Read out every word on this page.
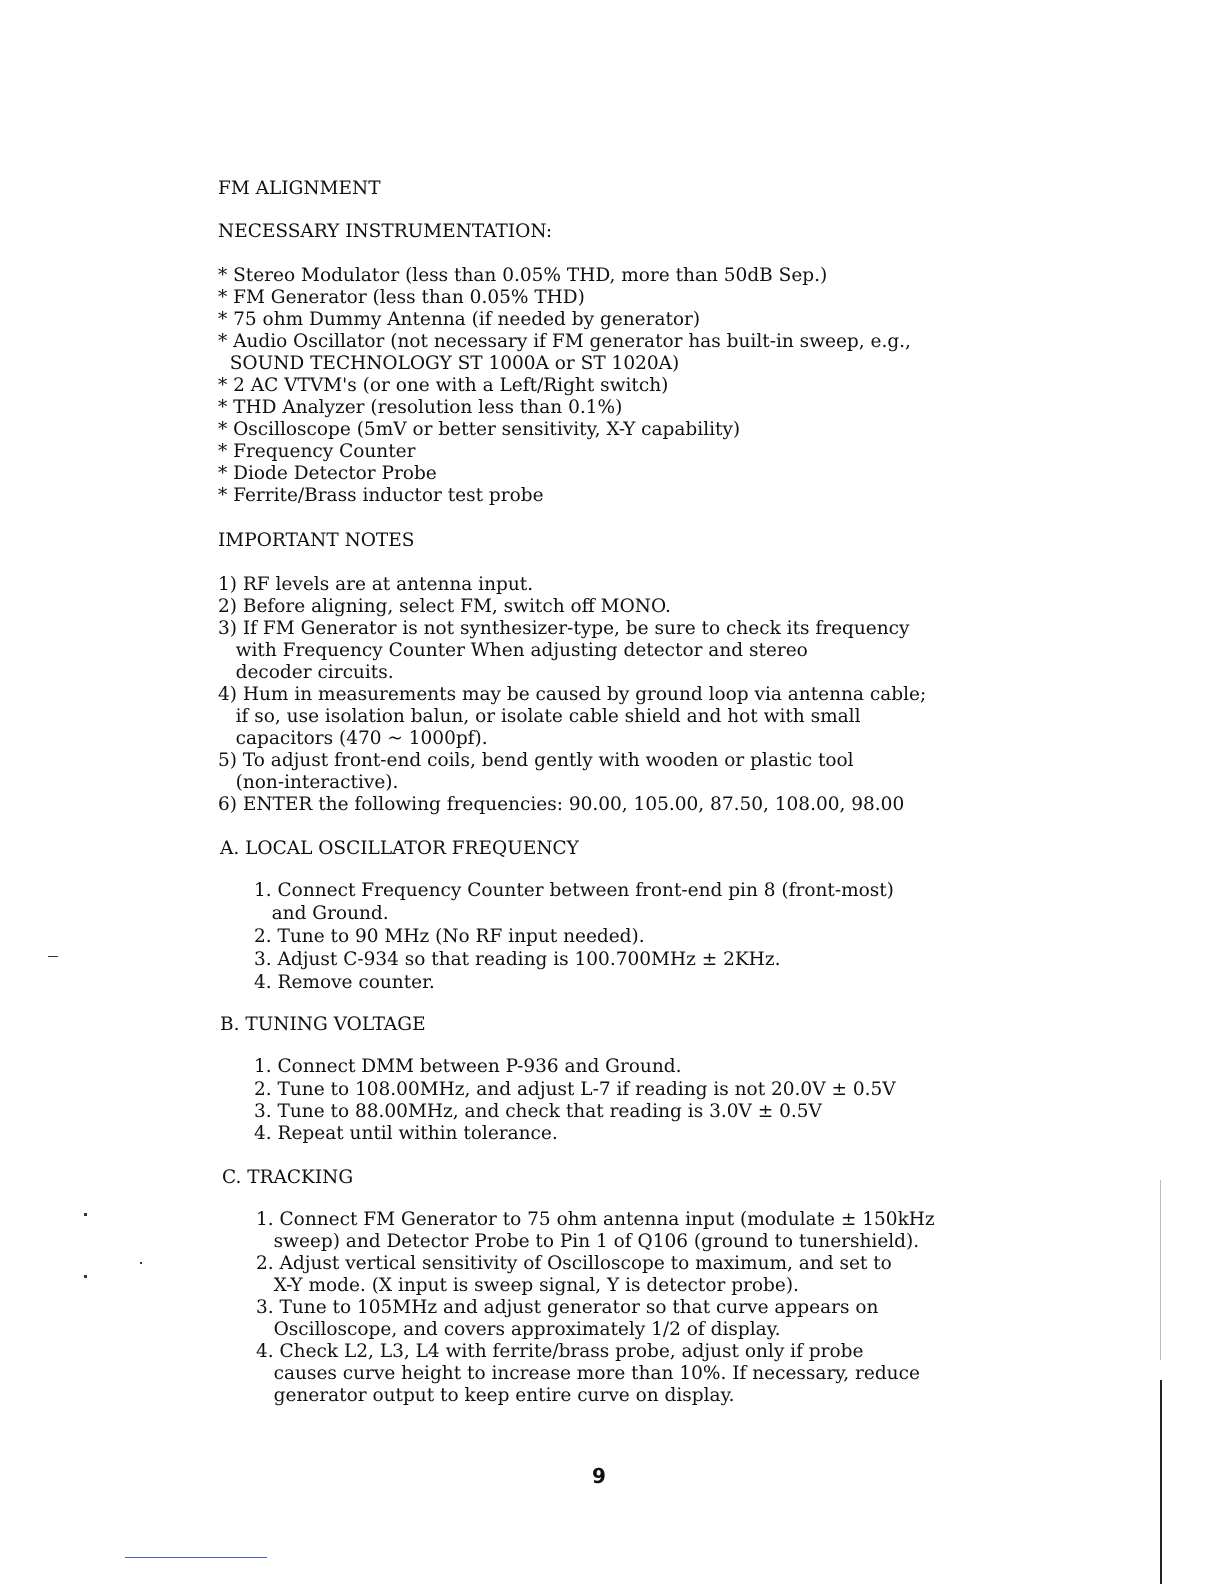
FM ALIGNMENT
NECESSARY INSTRUMENTATION:
* Stereo Modulator (less than 0.05% THD, more than 50dB Sep.)
* FM Generator (less than 0.05% THD)
* 75 ohm Dummy Antenna (if needed by generator)
* Audio Oscillator (not necessary if FM generator has built-in sweep, e.g.,
SOUND TECHNOLOGY ST 1000A or ST 1020A)
* 2 AC VTVM's (or one with a Left/Right switch)
* THD Analyzer (resolution less than 0.1%)
* Oscilloscope (5mV or better sensitivity, X-Y capability)
* Frequency Counter
* Diode Detector Probe
* Ferrite/Brass inductor test probe
IMPORTANT NOTES
1) RF levels are at antenna input.
2) Before aligning, select FM, switch off MONO.
3) If FM Generator is not synthesizer-type, be sure to check its frequency
with Frequency Counter When adjusting detector and stereo
decoder circuits.
4) Hum in measurements may be caused by ground loop via antenna cable;
if so, use isolation balun, or isolate cable shield and hot with small
capacitors (470 ~ 1000pf).
5) To adjust front-end coils, bend gently with wooden or plastic tool
(non-interactive).
6) ENTER the following frequencies: 90.00, 105.00, 87.50, 108.00, 98.00
A. LOCAL OSCILLATOR FREQUENCY
1. Connect Frequency Counter between front-end pin 8 (front-most)
and Ground.
2. Tune to 90 MHz (No RF input needed).
3. Adjust C-934 so that reading is 100.700MHz ± 2KHz.
4. Remove counter.
B. TUNING VOLTAGE
1. Connect DMM between P-936 and Ground.
2. Tune to 108.00MHz, and adjust L-7 if reading is not 20.0V ± 0.5V
3. Tune to 88.00MHz, and check that reading is 3.0V ± 0.5V
4. Repeat until within tolerance.
C. TRACKING
1. Connect FM Generator to 75 ohm antenna input (modulate ± 150kHz
sweep) and Detector Probe to Pin 1 of Q106 (ground to tunershield).
2. Adjust vertical sensitivity of Oscilloscope to maximum, and set to
X-Y mode. (X input is sweep signal, Y is detector probe).
3. Tune to 105MHz and adjust generator so that curve appears on
Oscilloscope, and covers approximately 1/2 of display.
4. Check L2, L3, L4 with ferrite/brass probe, adjust only if probe
causes curve height to increase more than 10%. If necessary, reduce
generator output to keep entire curve on display.
9
